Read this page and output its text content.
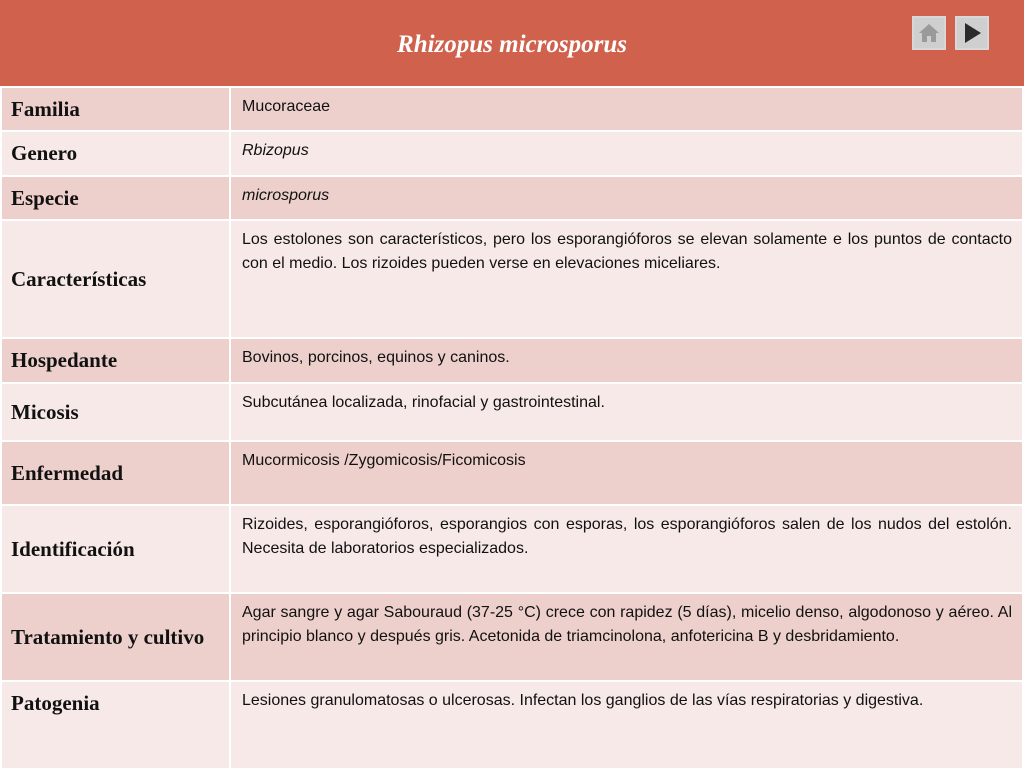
Rhizopus microsporus
Familia	Mucoraceae
Genero	Rbizopus
Especie	microsporus
Características	Los estolones son característicos, pero los esporangióforos se elevan solamente e los puntos de contacto con el medio. Los rizoides pueden verse en elevaciones miceliares.
Hospedante	Bovinos, porcinos, equinos y caninos.
Micosis	Subcutánea localizada, rinofacial y gastrointestinal.
Enfermedad	Mucormicosis /Zygomicosis/Ficomicosis
Identificación	Rizoides, esporangióforos, esporangios con esporas, los esporangióforos salen de los nudos del estolón. Necesita de laboratorios especializados.
Tratamiento y cultivo	Agar sangre y agar Sabouraud (37-25 °C) crece con rapidez (5 días), micelio denso, algodonoso y aéreo. Al principio blanco y después gris. Acetonida de triamcinolona, anfotericina B y desbridamiento.
Patogenia	Lesiones granulomatosas o ulcerosas. Infectan los ganglios de las vías respiratorias y digestiva.
